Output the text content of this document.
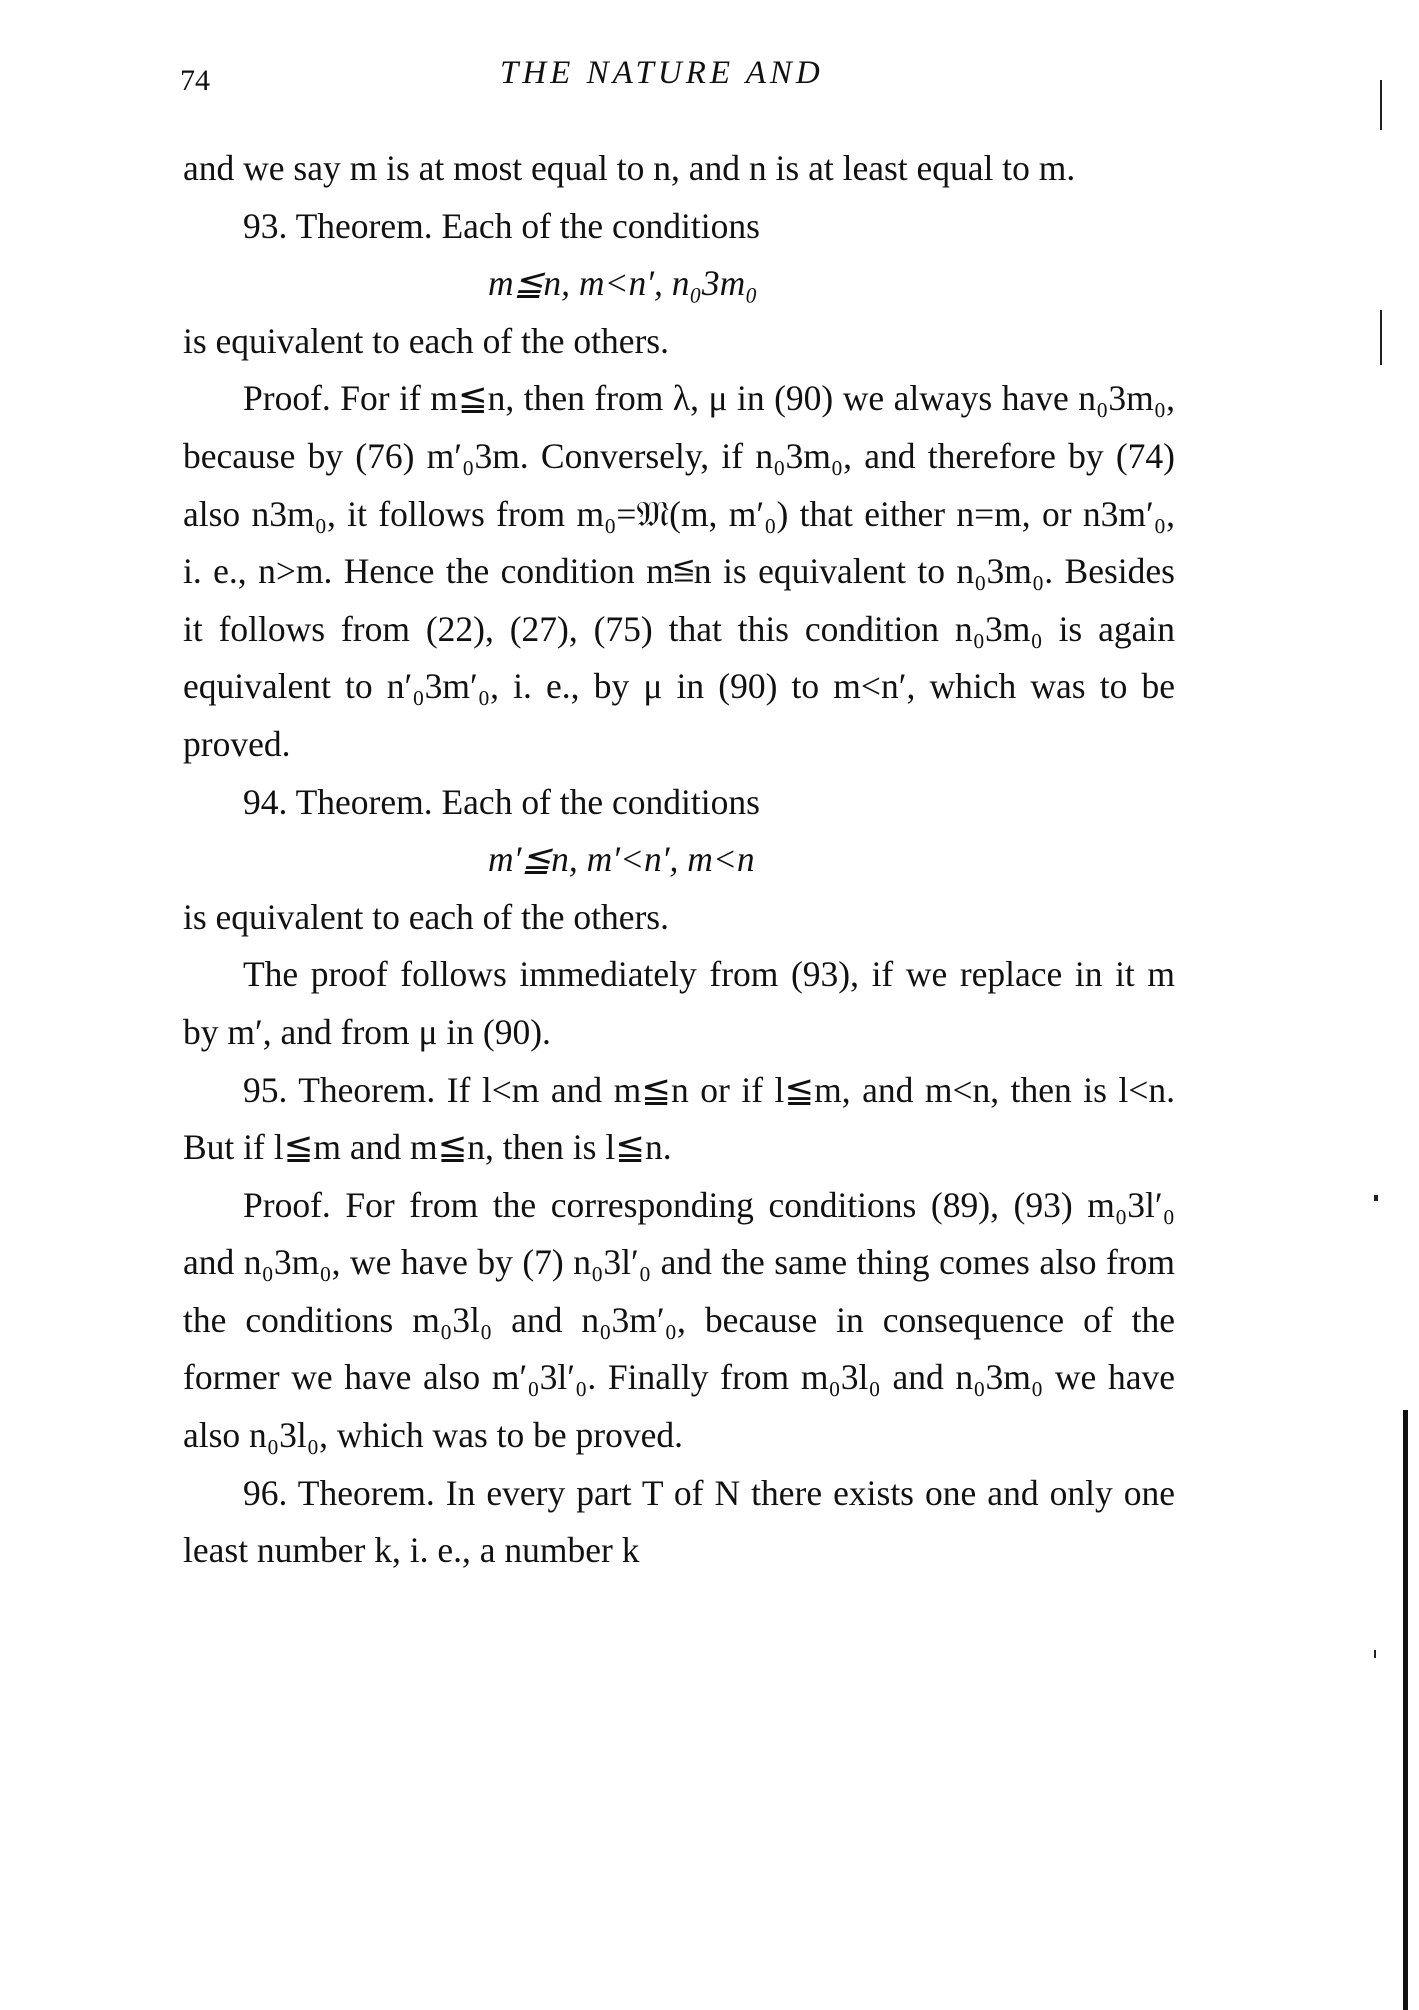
74	THE NATURE AND

and we say m is at most equal to n, and n is at least equal to m.

93. Theorem. Each of the conditions

m≦n, m<n′, n₀3m₀

is equivalent to each of the others.

Proof. For if m≦n, then from λ, μ in (90) we always have n₀3m₀, because by (76) m′₀3m. Conversely, if n₀3m₀, and therefore by (74) also n3m₀, it follows from m₀=𝔐(m, m′₀) that either n=m, or n3m′₀, i. e., n>m. Hence the condition m≦n is equivalent to n₀3m₀. Besides it follows from (22), (27), (75) that this condition n₀3m₀ is again equivalent to n′₀3m′₀, i. e., by μ in (90) to m<n′, which was to be proved.

94. Theorem. Each of the conditions

m′≦n, m′<n′, m<n

is equivalent to each of the others.

The proof follows immediately from (93), if we replace in it m by m′, and from μ in (90).

95. Theorem. If l<m and m≦n or if l≦m, and m<n, then is l<n. But if l≦m and m≦n, then is l≦n.

Proof. For from the corresponding conditions (89), (93) m₀3l′₀ and n₀3m₀, we have by (7) n₀3l′₀ and the same thing comes also from the conditions m₀3l₀ and n₀3m′₀, because in consequence of the former we have also m′₀3l′₀. Finally from m₀3l₀ and n₀3m₀ we have also n₀3l₀, which was to be proved.

96. Theorem. In every part T of N there exists one and only one least number k, i. e., a number k
